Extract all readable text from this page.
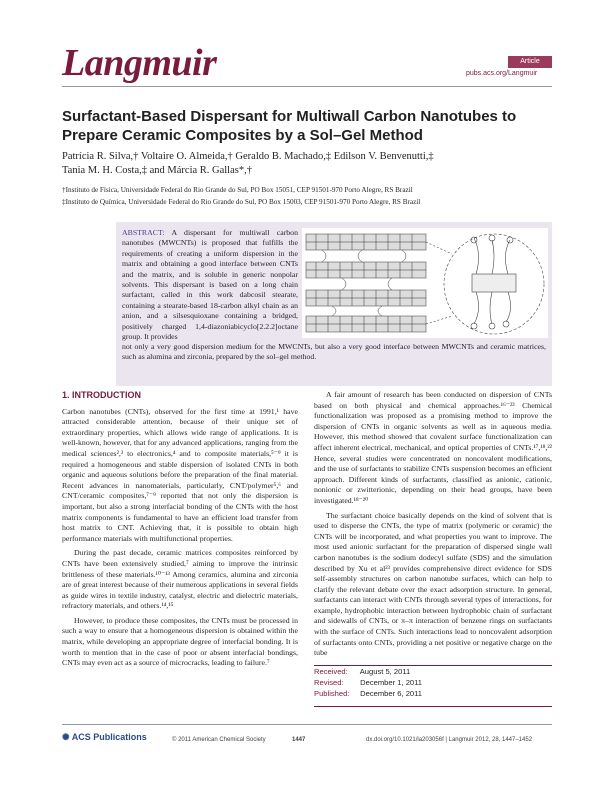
Langmuir	Article
pubs.acs.org/Langmuir
Surfactant-Based Dispersant for Multiwall Carbon Nanotubes to Prepare Ceramic Composites by a Sol–Gel Method
Patrícia R. Silva,† Voltaire O. Almeida,† Geraldo B. Machado,‡ Edilson V. Benvenutti,‡
Tania M. H. Costa,‡ and Márcia R. Gallas*,†
†Instituto de Física, Universidade Federal do Rio Grande do Sul, PO Box 15051, CEP 91501-970 Porto Alegre, RS Brazil
‡Instituto de Química, Universidade Federal do Rio Grande do Sul, PO Box 15003, CEP 91501-970 Porto Alegre, RS Brazil
ABSTRACT: A dispersant for multiwall carbon nanotubes (MWCNTs) is proposed that fulfills the requirements of creating a uniform dispersion in the matrix and obtaining a good interface between CNTs and the matrix, and is soluble in generic nonpolar solvents. This dispersant is based on a long chain surfactant, called in this work dabcosil stearate, containing a stearate-based 18-carbon alkyl chain as an anion, and a silsesquioxane containing a bridged, positively charged 1,4-diazoniabicyclo[2.2.2]octane group. It provides
not only a very good dispersion medium for the MWCNTs, but also a very good interface between MWCNTs and ceramic matrices, such as alumina and zirconia, prepared by the sol–gel method.
1. INTRODUCTION

Carbon nanotubes (CNTs), observed for the first time at 1991,¹ have attracted considerable attention, because of their unique set of extraordinary properties, which allows wide range of applications. It is well-known, however, that for any advanced applications, ranging from the medical sciences²,³ to electronics,⁴ and to composite materials,⁵⁻⁹ it is required a homogeneous and stable dispersion of isolated CNTs in both organic and aqueous solutions before the preparation of the final material. Recent advances in nanomaterials, particularly, CNT/polymer⁵,⁶ and CNT/ceramic composites,⁷⁻⁹ reported that not only the dispersion is important, but also a strong interfacial bonding of the CNTs with the host matrix components is fundamental to have an efficient load transfer from host matrix to CNT. Achieving that, it is possible to obtain high performance materials with multifunctional properties.

During the past decade, ceramic matrices composites reinforced by CNTs have been extensively studied,⁷ aiming to improve the intrinsic brittleness of these materials.¹⁰⁻¹³ Among ceramics, alumina and zirconia are of great interest because of their numerous applications in several fields as guide wires in textile industry, catalyst, electric and dielectric materials, refractory materials, and others.¹⁴,¹⁵

However, to produce these composites, the CNTs must be processed in such a way to ensure that a homogeneous dispersion is obtained within the matrix, while developing an appropriate degree of interfacial bonding. It is worth to mention that in the case of poor or absent interfacial bondings, CNTs may even act as a source of microcracks, leading to failure.⁷

A fair amount of research has been conducted on dispersion of CNTs based on both physical and chemical approaches.¹⁶⁻²³ Chemical functionalization was proposed as a promising method to improve the dispersion of CNTs in organic solvents as well as in aqueous media. However, this method showed that covalent surface functionalization can affect inherent electrical, mechanical, and optical properties of CNTs.¹⁷,¹⁸,²² Hence, several studies were concentrated on noncovalent modifications, and the use of surfactants to stabilize CNTs suspension becomes an efficient approach. Different kinds of surfactants, classified as anionic, cationic, nonionic or zwitterionic, depending on their head groups, have been investigated.¹⁸⁻²⁰

The surfactant choice basically depends on the kind of solvent that is used to disperse the CNTs, the type of matrix (polymeric or ceramic) the CNTs will be incorporated, and what properties you want to improve. The most used anionic surfactant for the preparation of dispersed single wall carbon nanotubes is the sodium dodecyl sulfate (SDS) and the simulation described by Xu et al²³ provides comprehensive direct evidence for SDS self-assembly structures on carbon nanotube surfaces, which can help to clarify the relevant debate over the exact adsorption structure. In general, surfactants can interact with CNTs through several types of interactions, for example, hydrophobic interaction between hydrophobic chain of surfactant and sidewalls of CNTs, or π–π interaction of benzene rings on surfactants with the surface of CNTs. Such interactions lead to noncovalent adsorption of surfactants onto CNTs, providing a net positive or negative charge on the tube

Received: August 5, 2011
Revised: December 1, 2011
Published: December 6, 2011
✺ ACS Publications	© 2011 American Chemical Society	1447	dx.doi.org/10.1021/la203056f | Langmuir 2012, 28, 1447–1452
